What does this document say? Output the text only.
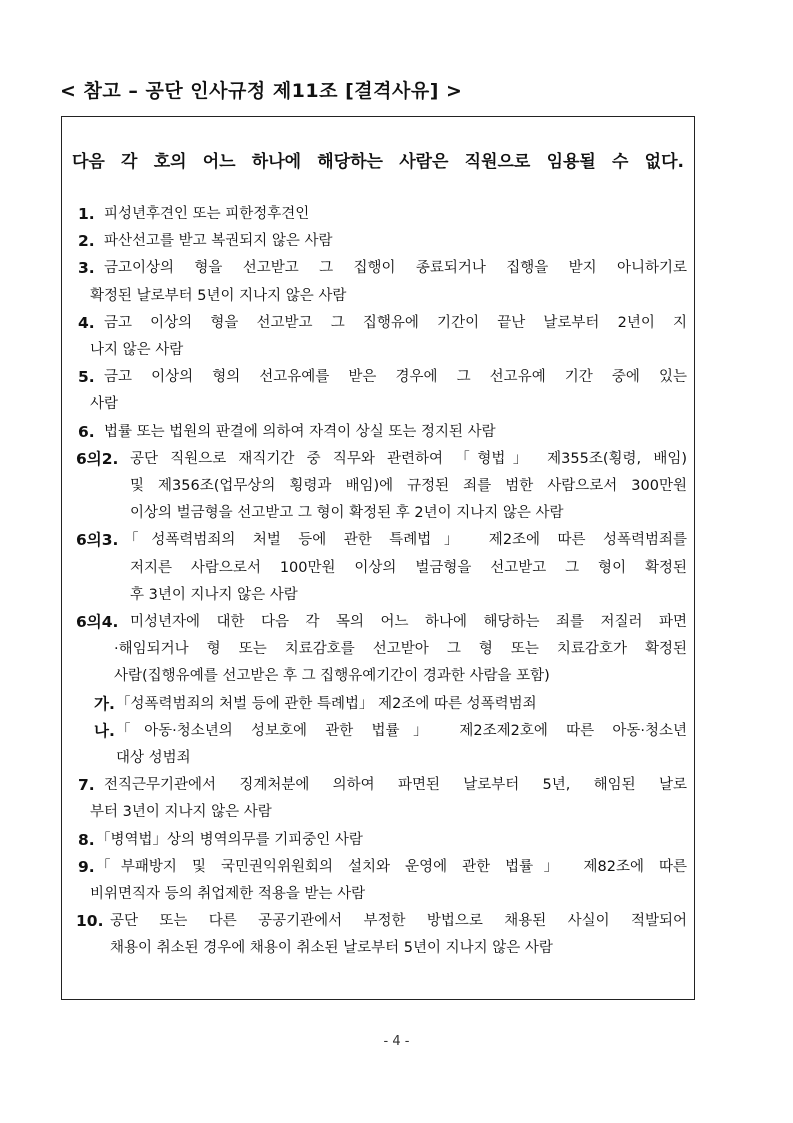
< 참고 – 공단 인사규정 제11조 [결격사유] >
다음 각 호의 어느 하나에 해당하는 사람은 직원으로 임용될 수 없다.
1. 피성년후견인 또는 피한정후견인
2. 파산선고를 받고 복권되지 않은 사람
3. 금고이상의 형을 선고받고 그 집행이 종료되거나 집행을 받지 아니하기로
확정된 날로부터 5년이 지나지 않은 사람
4. 금고 이상의 형을 선고받고 그 집행유에 기간이 끝난 날로부터 2년이 지
나지 않은 사람
5. 금고 이상의 형의 선고유예를 받은 경우에 그 선고유예 기간 중에 있는
사람
6. 법률 또는 법원의 판결에 의하여 자격이 상실 또는 정지된 사람
6의2. 공단 직원으로 재직기간 중 직무와 관련하여 「형법」 제355조(횡령, 배임)
및 제356조(업무상의 횡령과 배임)에 규정된 죄를 범한 사람으로서 300만원
이상의 벌금형을 선고받고 그 형이 확정된 후 2년이 지나지 않은 사람
6의3. 「성폭력범죄의 처벌 등에 관한 특례법」 제2조에 따른 성폭력범죄를
저지른 사람으로서 100만원 이상의 벌금형을 선고받고 그 형이 확정된
후 3년이 지나지 않은 사람
6의4. 미성년자에 대한 다음 각 목의 어느 하나에 해당하는 죄를 저질러 파면
·해임되거나 형 또는 치료감호를 선고받아 그 형 또는 치료감호가 확정된
사람(집행유예를 선고받은 후 그 집행유예기간이 경과한 사람을 포함)
가. 「성폭력범죄의 처벌 등에 관한 특례법」 제2조에 따른 성폭력범죄
나. 「아동·청소년의 성보호에 관한 법률」 제2조제2호에 따른 아동·청소년
대상 성범죄
7. 전직근무기관에서 징계처분에 의하여 파면된 날로부터 5년, 해임된 날로
부터 3년이 지나지 않은 사람
8. 「병역법」상의 병역의무를 기피중인 사람
9. 「부패방지 및 국민권익위원회의 설치와 운영에 관한 법률」 제82조에 따른
비위면직자 등의 취업제한 적용을 받는 사람
10. 공단 또는 다른 공공기관에서 부정한 방법으로 채용된 사실이 적발되어
채용이 취소된 경우에 채용이 취소된 날로부터 5년이 지나지 않은 사람
- 4 -
